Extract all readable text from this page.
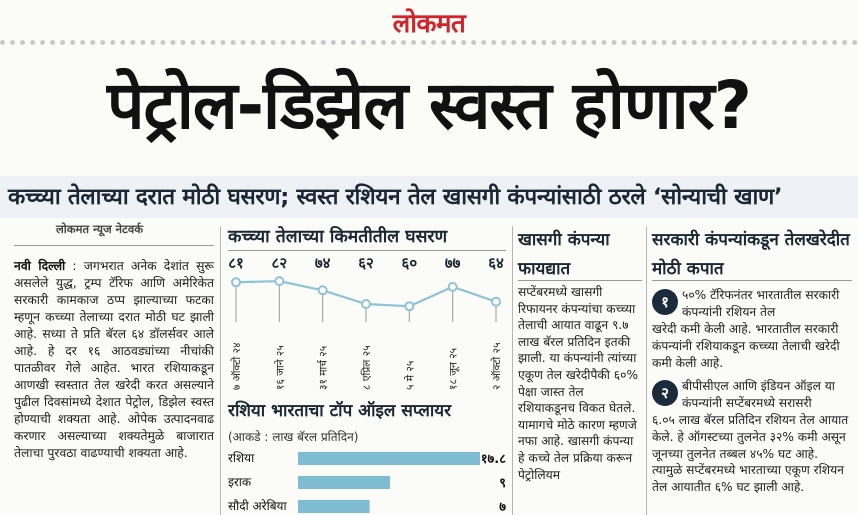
लोकमत
पेट्रोल-डिझेल स्वस्त होणार?
कच्च्या तेलाच्या दरात मोठी घसरण; स्वस्त रशियन तेल खासगी कंपन्यांसाठी ठरले ‘सोन्याची खाण’
लोकमत न्यूज नेटवर्क
नवी दिल्ली : जगभरात अनेक देशांत सुरू असलेले युद्ध, ट्रम्प टॅरिफ आणि अमेरिकेत सरकारी कामकाज ठप्प झाल्याच्या फटका म्हणून कच्च्या तेलाच्या दरात मोठी घट झाली आहे. सध्या ते प्रति बॅरल ६४ डॉलर्सवर आले आहे. हे दर १६ आठवड्यांच्या नीचांकी पातळीवर गेले आहेत. भारत रशियाकडून आणखी स्वस्तात तेल खरेदी करत असल्याने पुढील दिवसांमध्ये देशात पेट्रोल, डिझेल स्वस्त होण्याची शक्यता आहे. ओपेक उत्पादनवाढ करणार असल्याच्या शक्यतेमुळे बाजारात तेलाचा पुरवठा वाढण्याची शक्यता आहे.
कच्च्या तेलाच्या किमतीतील घसरण
८१
७ ऑक्टो २४
८२
१६ जाने २५
७४
३१ मार्च २५
६२
८ एप्रिल २५
६०
५ मे २५
७७
१८ जून २५
६४
२ ऑक्टो २५
रशिया भारताचा टॉप ऑइल सप्लायर
(आकडे : लाख बॅरल प्रतिदिन)
रशिया	१७.८
इराक	९
सौदी अरेबिया	७
खासगी कंपन्या फायद्यात
सप्टेंबरमध्ये खासगी रिफायनर कंपन्यांचा कच्च्या तेलाची आयात वाढून ९.७ लाख बॅरल प्रतिदिन इतकी झाली. या कंपन्यांनी त्यांच्या एकूण तेल खरेदीपैकी ६०% पेक्षा जास्त तेल रशियाकडूनच विकत घेतले. यामागचे मोठे कारण म्हणजे नफा आहे. खासगी कंपन्या हे कच्चे तेल प्रक्रिया करून पेट्रोलियम
सरकारी कंपन्यांकडून तेलखरेदीत मोठी कपात
१	५०% टॅरिफनंतर भारतातील सरकारी कंपन्यांनी रशियन तेल
खरेदी कमी केली आहे. भारतातील सरकारी कंपन्यांनी रशियाकडून कच्च्या तेलाची खरेदी कमी केली आहे.
२	बीपीसीएल आणि इंडियन ऑइल या कंपन्यांनी सप्टेंबरमध्ये सरासरी
६.०५ लाख बॅरल प्रतिदिन रशियन तेल आयात केले. हे ऑगस्टच्या तुलनेत ३२% कमी असून जूनच्या तुलनेत तब्बल ४५% घट आहे. त्यामुळे सप्टेंबरमध्ये भारताच्या एकूण रशियन तेल आयातीत ६% घट झाली आहे.
